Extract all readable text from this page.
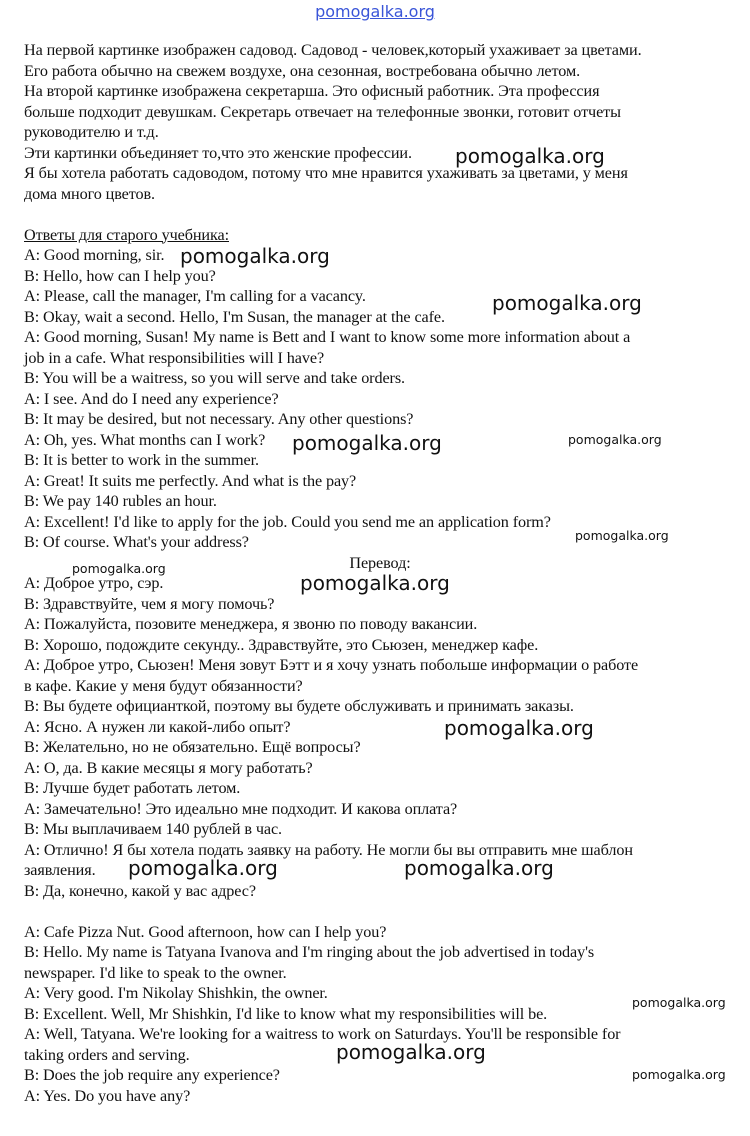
pomogalka.org
На первой картинке изображен садовод. Садовод - человек,который ухаживает за цветами.
Его работа обычно на свежем воздухе, она сезонная, востребована обычно летом.
На второй картинке изображена секретарша. Это офисный работник. Эта профессия
больше подходит девушкам. Секретарь отвечает на телефонные звонки, готовит отчеты
руководителю и т.д.
Эти картинки объединяет то,что это женские профессии.
Я бы хотела работать садоводом, потому что мне нравится ухаживать за цветами, у меня
дома много цветов.
Ответы для старого учебника:
A: Good morning, sir.
B: Hello, how can I help you?
A: Please, call the manager, I'm calling for a vacancy.
B: Okay, wait a second. Hello, I'm Susan, the manager at the cafe.
A: Good morning, Susan! My name is Bett and I want to know some more information about a
job in a cafe. What responsibilities will I have?
B: You will be a waitress, so you will serve and take orders.
A: I see. And do I need any experience?
B: It may be desired, but not necessary. Any other questions?
A: Oh, yes. What months can I work?
B: It is better to work in the summer.
A: Great! It suits me perfectly. And what is the pay?
B: We pay 140 rubles an hour.
A: Excellent! I'd like to apply for the job. Could you send me an application form?
B: Of course. What's your address?
Перевод:
А: Доброе утро, сэр.
В: Здравствуйте, чем я могу помочь?
А: Пожалуйста, позовите менеджера, я звоню по поводу вакансии.
В: Хорошо, подождите секунду.. Здравствуйте, это Сьюзен, менеджер кафе.
А: Доброе утро, Сьюзен! Меня зовут Бэтт и я хочу узнать побольше информации о работе
в кафе. Какие у меня будут обязанности?
В: Вы будете официанткой, поэтому вы будете обслуживать и принимать заказы.
А: Ясно. А нужен ли какой-либо опыт?
В: Желательно, но не обязательно. Ещё вопросы?
А: О, да. В какие месяцы я могу работать?
В: Лучше будет работать летом.
А: Замечательно! Это идеально мне подходит. И какова оплата?
В: Мы выплачиваем 140 рублей в час.
А: Отлично! Я бы хотела подать заявку на работу. Не могли бы вы отправить мне шаблон
заявления.
В: Да, конечно, какой у вас адрес?
A: Cafe Pizza Nut. Good afternoon, how can I help you?
B: Hello. My name is Tatyana Ivanova and I'm ringing about the job advertised in today's
newspaper. I'd like to speak to the owner.
A: Very good. I'm Nikolay Shishkin, the owner.
B: Excellent. Well, Mr Shishkin, I'd like to know what my responsibilities will be.
A: Well, Tatyana. We're looking for a waitress to work on Saturdays. You'll be responsible for
taking orders and serving.
B: Does the job require any experience?
A: Yes. Do you have any?
pomogalka.org
pomogalka.org
pomogalka.org
pomogalka.org	pomogalka.org
pomogalka.org
pomogalka.org
pomogalka.org
pomogalka.org
pomogalka.org	pomogalka.org
pomogalka.org
pomogalka.org
pomogalka.org
